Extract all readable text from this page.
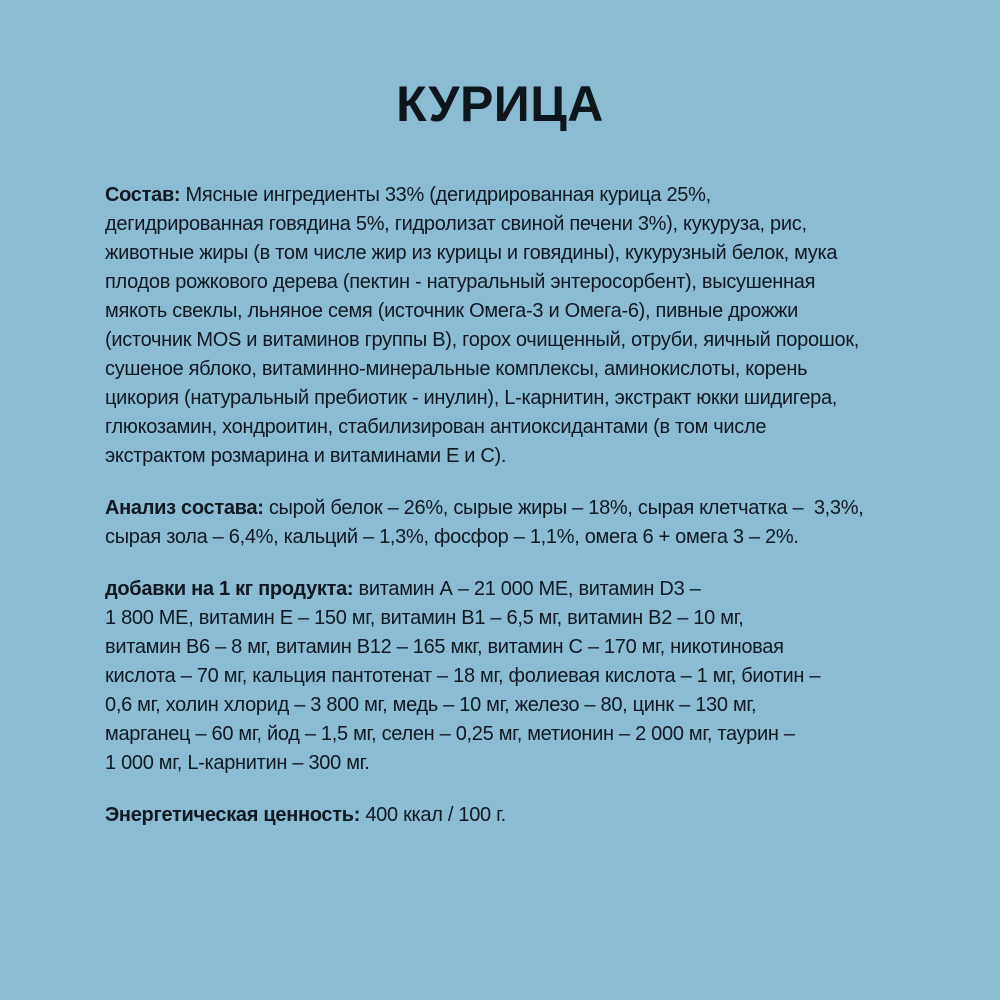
КУРИЦА

Состав: Мясные ингредиенты 33% (дегидрированная курица 25%,
дегидрированная говядина 5%, гидролизат свиной печени 3%), кукуруза, рис,
животные жиры (в том числе жир из курицы и говядины), кукурузный белок, мука
плодов рожкового дерева (пектин - натуральный энтеросорбент), высушенная
мякоть свеклы, льняное семя (источник Омега-3 и Омега-6), пивные дрожжи
(источник MOS и витаминов группы В), горох очищенный, отруби, яичный порошок,
сушеное яблоко, витаминно-минеральные комплексы, аминокислоты, корень
цикория (натуральный пребиотик - инулин), L-карнитин, экстракт юкки шидигера,
глюкозамин, хондроитин, стабилизирован антиоксидантами (в том числе
экстрактом розмарина и витаминами Е и С).

Анализ состава: сырой белок – 26%, сырые жиры – 18%, сырая клетчатка –  3,3%,
сырая зола – 6,4%, кальций – 1,3%, фосфор – 1,1%, омега 6 + омега 3 – 2%.

добавки на 1 кг продукта: витамин А – 21 000 МЕ, витамин D3 –
1 800 МЕ, витамин Е – 150 мг, витамин В1 – 6,5 мг, витамин В2 – 10 мг,
витамин В6 – 8 мг, витамин В12 – 165 мкг, витамин С – 170 мг, никотиновая
кислота – 70 мг, кальция пантотенат – 18 мг, фолиевая кислота – 1 мг, биотин –
0,6 мг, холин хлорид – 3 800 мг, медь – 10 мг, железо – 80, цинк – 130 мг,
марганец – 60 мг, йод – 1,5 мг, селен – 0,25 мг, метионин – 2 000 мг, таурин –
1 000 мг, L-карнитин – 300 мг.

Энергетическая ценность: 400 ккал / 100 г.
